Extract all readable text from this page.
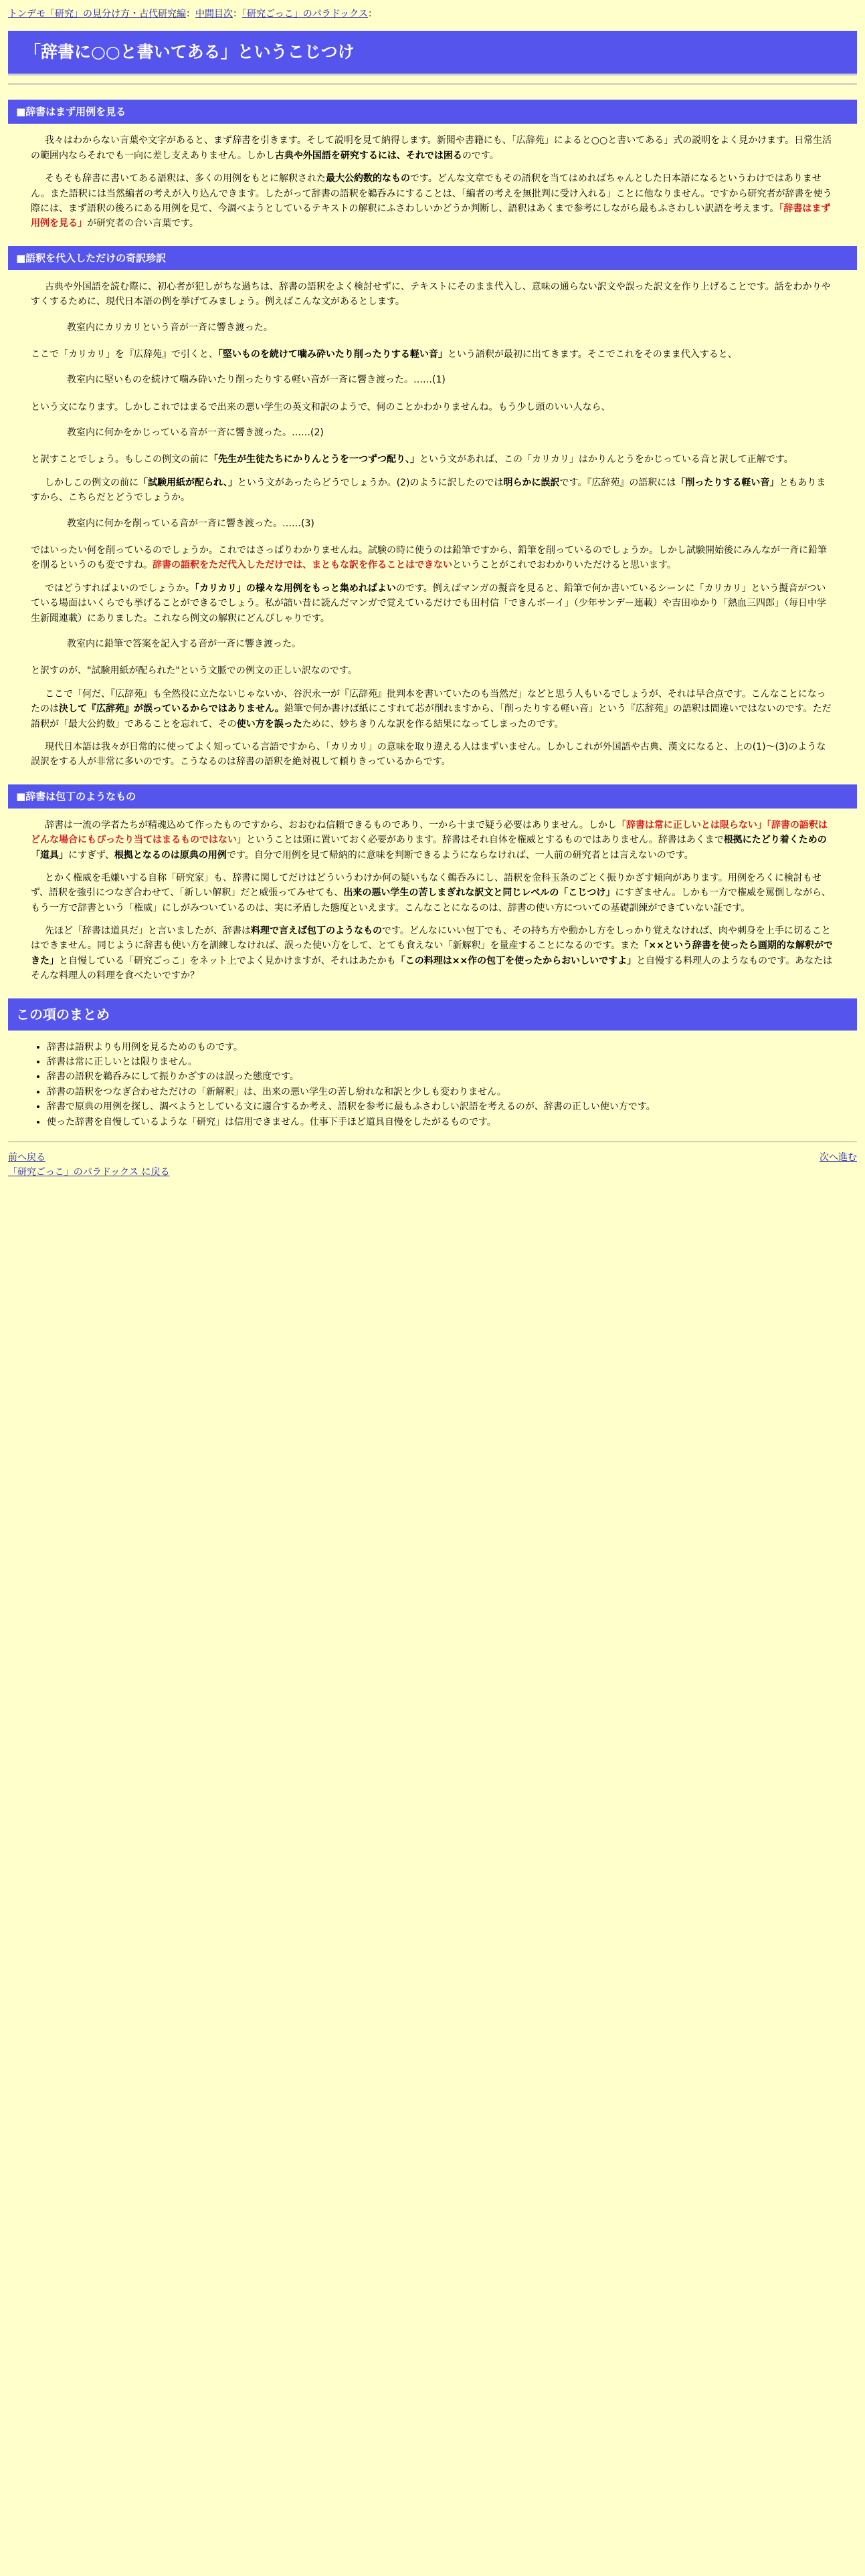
トンデモ「研究」の見分け方・古代研究編：中間目次：「研究ごっこ」のパラドックス：
「辞書に○○と書いてある」というこじつけ
■辞書はまず用例を見る

我々はわからない言葉や文字があると、まず辞書を引きます。そして説明を見て納得します。新聞や書籍にも、「広辞苑」によると○○と書いてある」式の説明をよく見かけます。日常生活の範囲内ならそれでも一向に差し支えありません。しかし古典や外国語を研究するには、それでは困るのです。

そもそも辞書に書いてある語釈は、多くの用例をもとに解釈された最大公約数的なものです。どんな文章でもその語釈を当てはめればちゃんとした日本語になるというわけではありません。また語釈には当然編者の考えが入り込んできます。したがって辞書の語釈を鵜呑みにすることは、「編者の考えを無批判に受け入れる」ことに他なりません。ですから研究者が辞書を使う際には、まず語釈の後ろにある用例を見て、今調べようとしているテキストの解釈にふさわしいかどうか判断し、語釈はあくまで参考にしながら最もふさわしい訳語を考えます。「辞書はまず用例を見る」が研究者の合い言葉です。

■語釈を代入しただけの奇訳珍訳

古典や外国語を読む際に、初心者が犯しがちな過ちは、辞書の語釈をよく検討せずに、テキストにそのまま代入し、意味の通らない訳文や誤った訳文を作り上げることです。話をわかりやすくするために、現代日本語の例を挙げてみましょう。例えばこんな文があるとします。

教室内にカリカリという音が一斉に響き渡った。

ここで「カリカリ」を『広辞苑』で引くと、「堅いものを続けて噛み砕いたり削ったりする軽い音」という語釈が最初に出てきます。そこでこれをそのまま代入すると、

教室内に堅いものを続けて噛み砕いたり削ったりする軽い音が一斉に響き渡った。……(1)

という文になります。しかしこれではまるで出来の悪い学生の英文和訳のようで、何のことかわかりませんね。もう少し頭のいい人なら、

教室内に何かをかじっている音が一斉に響き渡った。……(2)

と訳すことでしょう。もしこの例文の前に「先生が生徒たちにかりんとうを一つずつ配り、」という文があれば、この「カリカリ」はかりんとうをかじっている音と訳して正解です。

しかしこの例文の前に「試験用紙が配られ、」という文があったらどうでしょうか。(2)のように訳したのでは明らかに誤訳です。『広辞苑』の語釈には「削ったりする軽い音」ともありますから、こちらだとどうでしょうか。

教室内に何かを削っている音が一斉に響き渡った。……(3)

ではいったい何を削っているのでしょうか。これではさっぱりわかりませんね。試験の時に使うのは鉛筆ですから、鉛筆を削っているのでしょうか。しかし試験開始後にみんなが一斉に鉛筆を削るというのも変ですね。辞書の語釈をただ代入しただけでは、まともな訳を作ることはできないということがこれでおわかりいただけると思います。

ではどうすればよいのでしょうか。「カリカリ」の様々な用例をもっと集めればよいのです。例えばマンガの擬音を見ると、鉛筆で何か書いているシーンに「カリカリ」という擬音がついている場面はいくらでも挙げることができるでしょう。私が諳い昔に読んだマンガで覚えているだけでも田村信「できんボーイ」（少年サンデー連載）や吉田ゆかり「熱血三四郎」（毎日中学生新聞連載）にありました。これなら例文の解釈にどんぴしゃりです。

教室内に鉛筆で答案を記入する音が一斉に響き渡った。

と訳すのが、"試験用紙が配られた"という文脈での例文の正しい訳なのです。

ここで「何だ、『広辞苑』も全然役に立たないじゃないか、谷沢永一が『広辞苑』批判本を書いていたのも当然だ」などと思う人もいるでしょうが、それは早合点です。こんなことになったのは決して『広辞苑』が誤っているからではありません。鉛筆で何か書けば紙にこすれて芯が削れますから、「削ったりする軽い音」という『広辞苑』の語釈は間違いではないのです。ただ語釈が「最大公約数」であることを忘れて、その使い方を誤ったために、妙ちきりんな訳を作る結果になってしまったのです。

現代日本語は我々が日常的に使ってよく知っている言語ですから、「カリカリ」の意味を取り違える人はまずいません。しかしこれが外国語や古典、漢文になると、上の(1)〜(3)のような誤訳をする人が非常に多いのです。こうなるのは辞書の語釈を絶対視して頼りきっているからです。

■辞書は包丁のようなもの

辞書は一流の学者たちが精魂込めて作ったものですから、おおむね信頼できるものであり、一から十まで疑う必要はありません。しかし「辞書は常に正しいとは限らない」「辞書の語釈はどんな場合にもぴったり当てはまるものではない」ということは頭に置いておく必要があります。辞書はそれ自体を権威とするものではありません。辞書はあくまで根拠にたどり着くための「道具」にすぎず、根拠となるのは原典の用例です。自分で用例を見て帰納的に意味を判断できるようにならなければ、一人前の研究者とは言えないのです。

とかく権威を毛嫌いする自称「研究家」も、辞書に関してだけはどういうわけか何の疑いもなく鵜呑みにし、語釈を金科玉条のごとく振りかざす傾向があります。用例をろくに検討もせず、語釈を強引につなぎ合わせて、「新しい解釈」だと威張ってみせても、出来の悪い学生の苦しまぎれな訳文と同じレベルの「こじつけ」にすぎません。しかも一方で権威を罵倒しながら、もう一方で辞書という「権威」にしがみついているのは、実に矛盾した態度といえます。こんなことになるのは、辞書の使い方についての基礎訓練ができていない証です。

先ほど「辞書は道具だ」と言いましたが、辞書は料理で言えば包丁のようなものです。どんなにいい包丁でも、その持ち方や動かし方をしっかり覚えなければ、肉や刺身を上手に切ることはできません。同じように辞書も使い方を訓練しなければ、誤った使い方をして、とても食えない「新解釈」を量産することになるのです。また「××という辞書を使ったら画期的な解釈ができた」と自慢している「研究ごっこ」をネット上でよく見かけますが、それはあたかも「この料理は××作の包丁を使ったからおいしいですよ」と自慢する料理人のようなものです。あなたはそんな料理人の料理を食べたいですか？

この項のまとめ
• 辞書は語釈よりも用例を見るためのものです。
• 辞書は常に正しいとは限りません。
• 辞書の語釈を鵜呑みにして振りかざすのは誤った態度です。
• 辞書の語釈をつなぎ合わせただけの「新解釈」は、出来の悪い学生の苦し紛れな和訳と少しも変わりません。
• 辞書で原典の用例を探し、調べようとしている文に適合するか考え、語釈を参考に最もふさわしい訳語を考えるのが、辞書の正しい使い方です。
• 使った辞書を自慢しているような「研究」は信用できません。仕事下手ほど道具自慢をしたがるものです。
前へ戻る	次へ進む
「研究ごっこ」のパラドックス に戻る
